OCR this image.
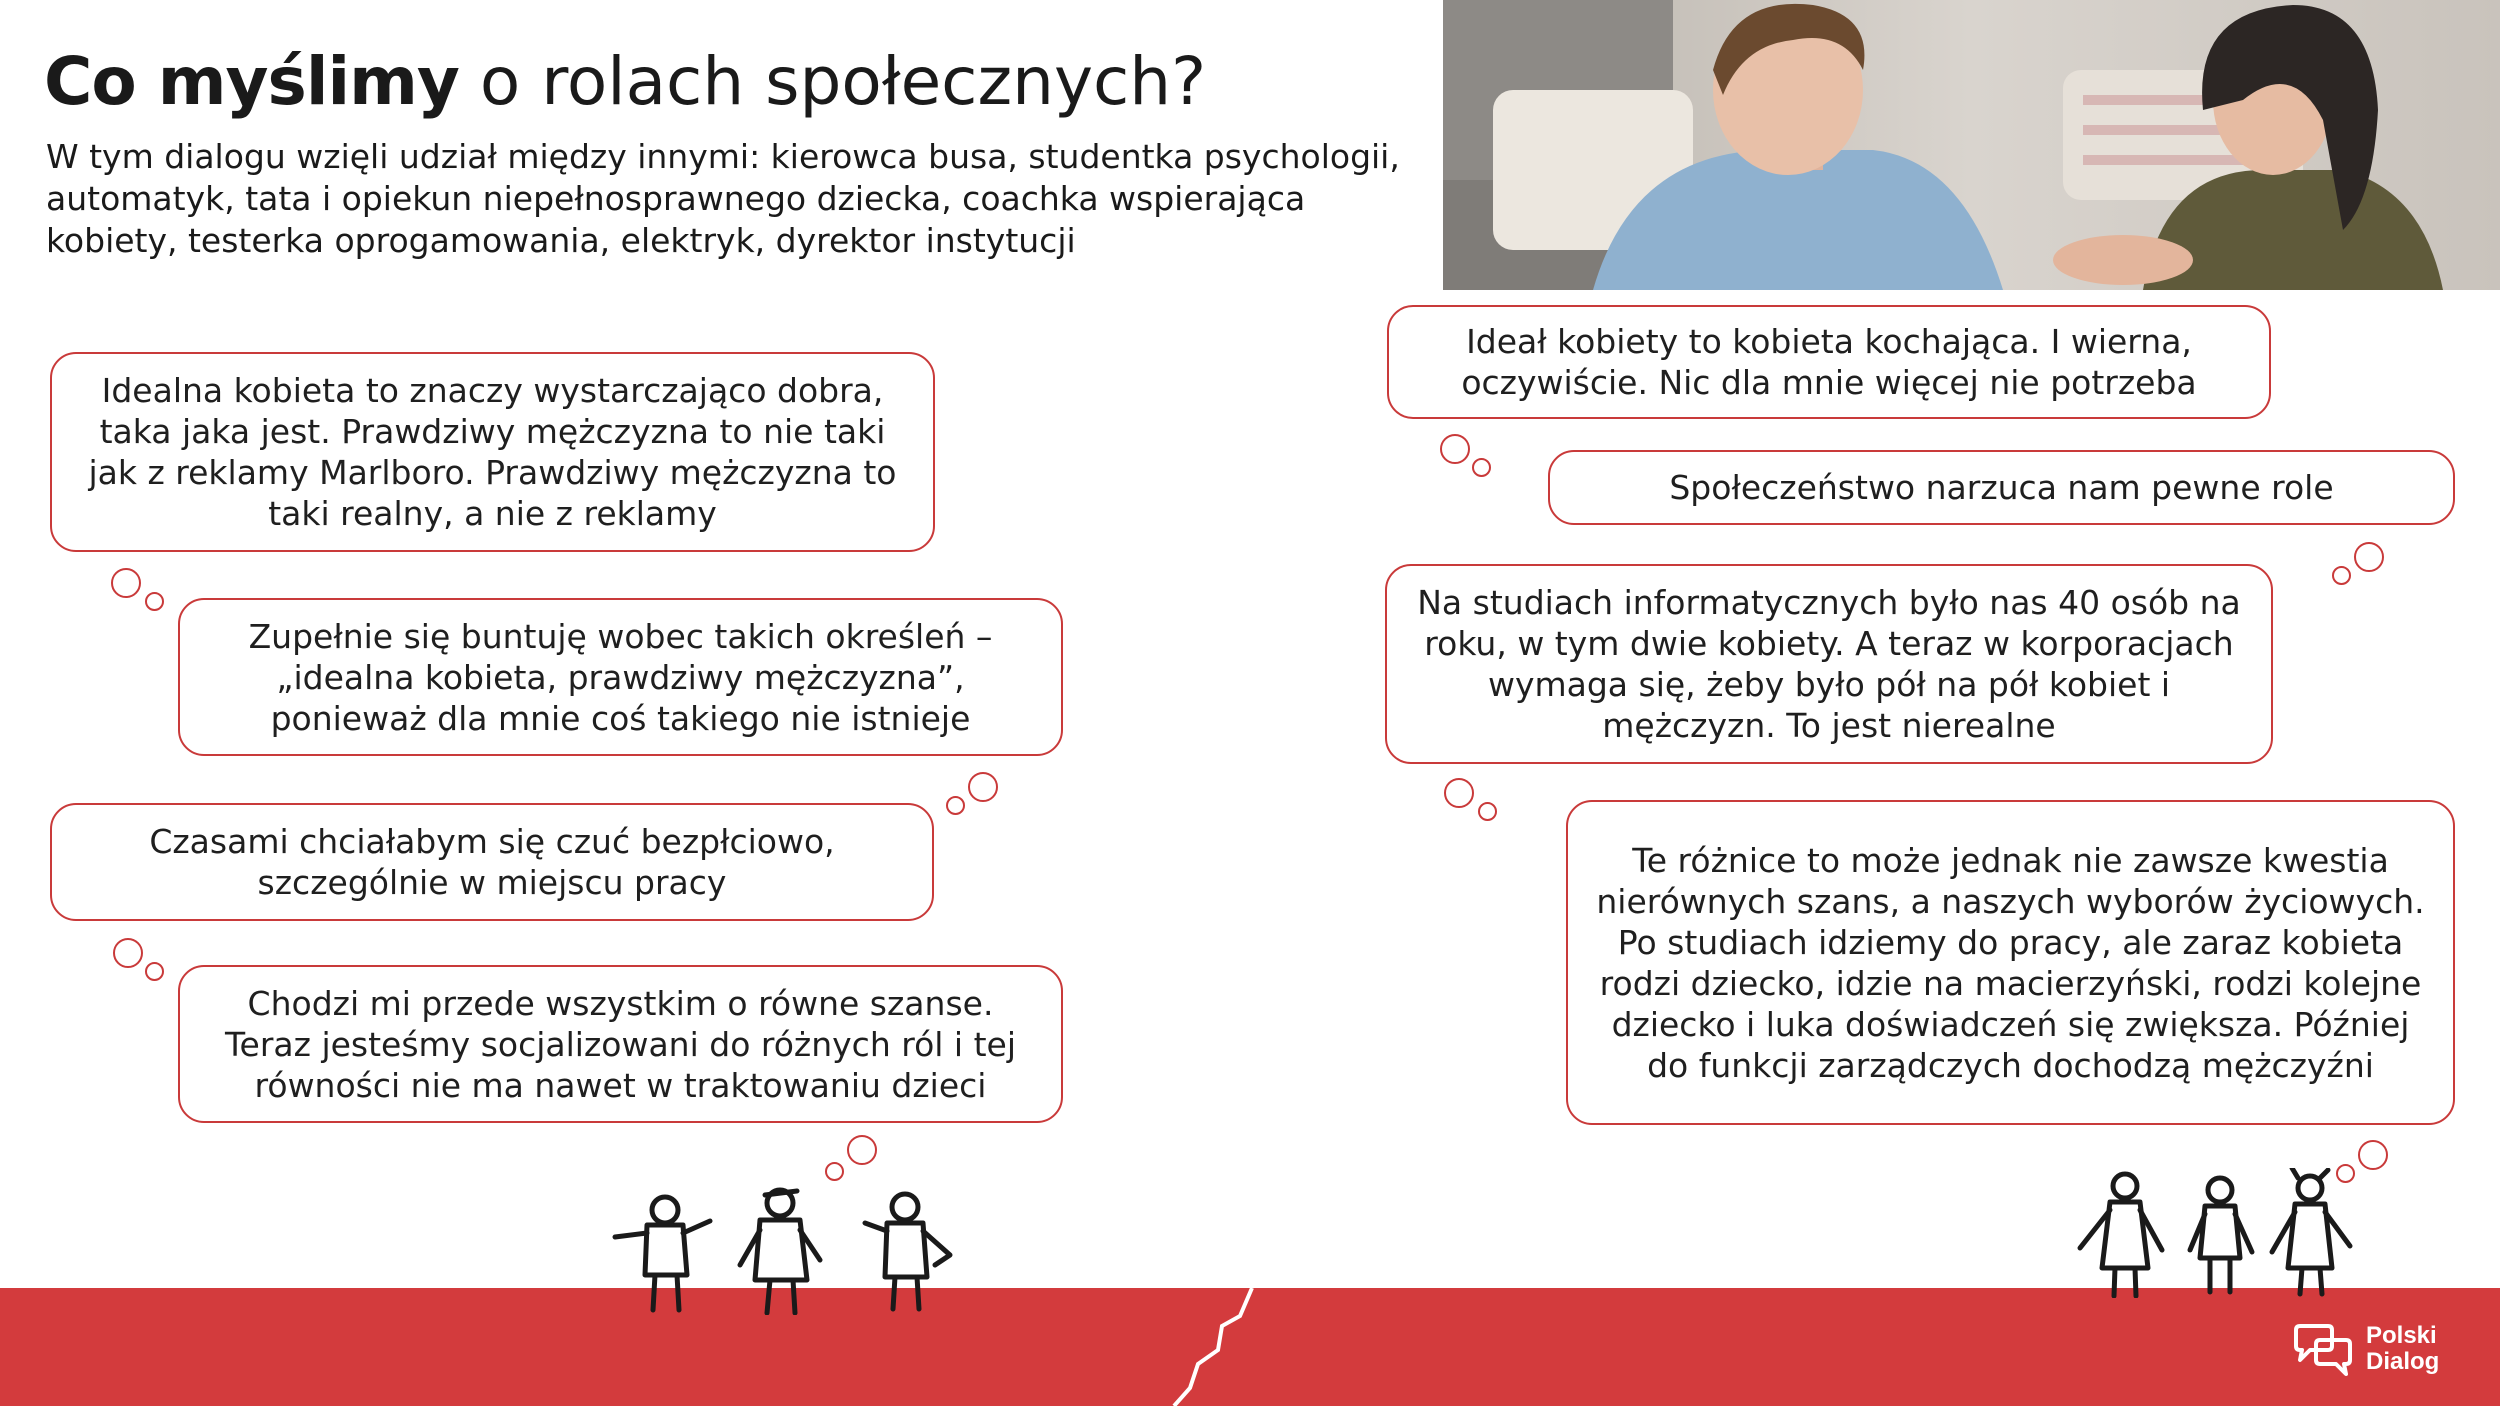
Co myślimy o rolach społecznych?

W tym dialogu wzięli udział między innymi: kierowca busa, studentka psychologii, automatyk, tata i opiekun niepełnosprawnego dziecka, coachka wspierająca kobiety, testerka oprogamowania, elektryk, dyrektor instytucji

Idealna kobieta to znaczy wystarczająco dobra, taka jaka jest. Prawdziwy mężczyzna to nie taki jak z reklamy Marlboro. Prawdziwy mężczyzna to taki realny, a nie z reklamy
Zupełnie się buntuję wobec takich określeń – „idealna kobieta, prawdziwy mężczyzna”, ponieważ dla mnie coś takiego nie istnieje
Czasami chciałabym się czuć bezpłciowo, szczególnie w miejscu pracy
Chodzi mi przede wszystkim o równe szanse. Teraz jesteśmy socjalizowani do różnych ról i tej równości nie ma nawet w traktowaniu dzieci
Ideał kobiety to kobieta kochająca. I wierna, oczywiście. Nic dla mnie więcej nie potrzeba
Społeczeństwo narzuca nam pewne role
Na studiach informatycznych było nas 40 osób na roku, w tym dwie kobiety. A teraz w korporacjach wymaga się, żeby było pół na pół kobiet i mężczyzn. To jest nierealne
Te różnice to może jednak nie zawsze kwestia nierównych szans, a naszych wyborów życiowych. Po studiach idziemy do pracy, ale zaraz kobieta rodzi dziecko, idzie na macierzyński, rodzi kolejne dziecko i luka doświadczeń się zwiększa. Później do funkcji zarządczych dochodzą mężczyźni
Polski
Dialog
